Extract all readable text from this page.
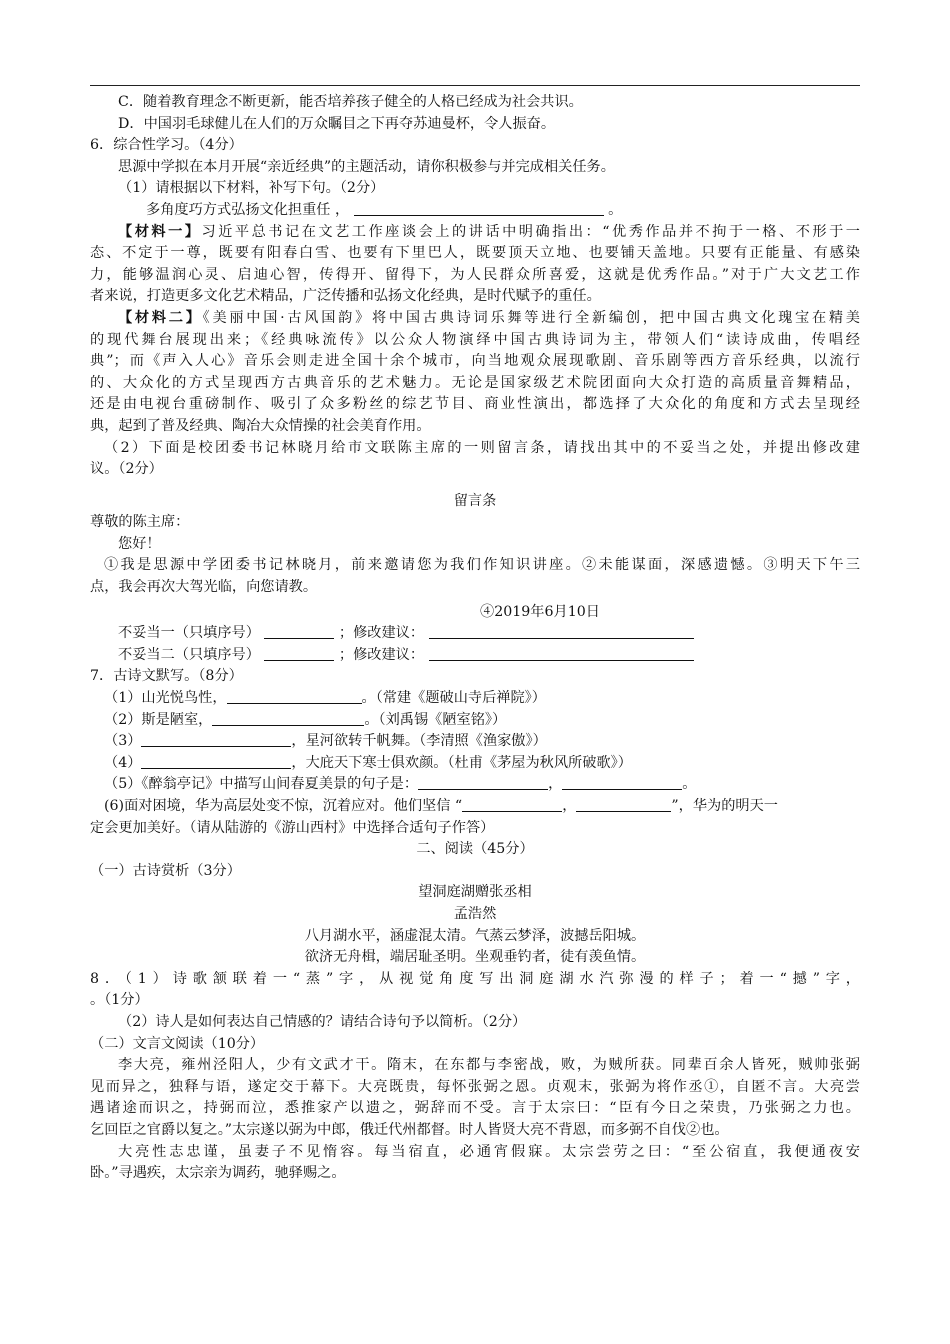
C．随着教育理念不断更新，能否培养孩子健全的人格已经成为社会共识。
D．中国羽毛球健儿在人们的万众瞩目之下再夺苏迪曼杯，令人振奋。
6．综合性学习。（4分）
思源中学拟在本月开展“亲近经典”的主题活动，请你积极参与并完成相关任务。
（1）请根据以下材料，补写下句。（2分）
多角度巧方式弘扬文化担重任 ，	。
【材料一】习近平总书记在文艺工作座谈会上的讲话中明确指出：“优秀作品并不拘于一格、不形于一
态、不定于一尊，既要有阳春白雪、也要有下里巴人，既要顶天立地、也要铺天盖地。只要有正能量、有感染
力，能够温润心灵、启迪心智，传得开、留得下，为人民群众所喜爱，这就是优秀作品。”对于广大文艺工作
者来说，打造更多文化艺术精品，广泛传播和弘扬文化经典，是时代赋予的重任。
【材料二】《美丽中国·古风国韵》将中国古典诗词乐舞等进行全新编创，把中国古典文化瑰宝在精美
的现代舞台展现出来；《经典咏流传》以公众人物演绎中国古典诗词为主，带领人们“读诗成曲，传唱经
典”；而《声入人心》音乐会则走进全国十余个城市，向当地观众展现歌剧、音乐剧等西方音乐经典，以流行
的、大众化的方式呈现西方古典音乐的艺术魅力。无论是国家级艺术院团面向大众打造的高质量音舞精品，
还是由电视台重磅制作、吸引了众多粉丝的综艺节目、商业性演出，都选择了大众化的角度和方式去呈现经
典，起到了普及经典、陶冶大众情操的社会美育作用。
（2）下面是校团委书记林晓月给市文联陈主席的一则留言条，请找出其中的不妥当之处，并提出修改建
议。（2分）
留言条
尊敬的陈主席：
您好！
①我是思源中学团委书记林晓月，前来邀请您为我们作知识讲座。②未能谋面，深感遗憾。③明天下午三
点，我会再次大驾光临，向您请教。
④2019年6月10日
不妥当一（只填序号）	；修改建议：
不妥当二（只填序号）	；修改建议：
7．古诗文默写。（8分）
（1）山光悦鸟性，	。（常建《题破山寺后禅院》）
（2）斯是陋室，	。（刘禹锡《陋室铭》）
（3）	，星河欲转千帆舞。（李清照《渔家傲》）
（4）	，大庇天下寒士俱欢颜。（杜甫《茅屋为秋风所破歌》）
（5）《醉翁亭记》中描写山间春夏美景的句子是：	，	。
(6)面对困境，华为高层处变不惊，沉着应对。他们坚信 “	，	”，华为的明天一
定会更加美好。（请从陆游的《游山西村》中选择合适句子作答）
二、阅读（45分）
（一）古诗赏析（3分）
望洞庭湖赠张丞相
孟浩然
八月湖水平，涵虚混太清。气蒸云梦泽，波撼岳阳城。
欲济无舟楫，端居耻圣明。坐观垂钓者，徒有羡鱼情。
8．（1）诗歌颔联着一“蒸”字，从视觉角度写出洞庭湖水汽弥漫的样子；着一“撼”字，
。（1分）
（2）诗人是如何表达自己情感的？请结合诗句予以简析。（2分）
（二）文言文阅读（10分）
李大亮，雍州泾阳人，少有文武才干。隋末，在东都与李密战，败，为贼所获。同辈百余人皆死，贼帅张弼
见而异之，独释与语，遂定交于幕下。大亮既贵，每怀张弼之恩。贞观末，张弼为将作丞①，自匿不言。大亮尝
遇诸途而识之，持弼而泣，悉推家产以遗之，弼辞而不受。言于太宗曰：“臣有今日之荣贵，乃张弼之力也。
乞回臣之官爵以复之。”太宗遂以弼为中郎，俄迁代州都督。时人皆贤大亮不背恩，而多弼不自伐②也。
大亮性志忠谨，虽妻子不见惰容。每当宿直，必通宵假寐。太宗尝劳之曰：“至公宿直，我便通夜安
卧。”寻遇疾，太宗亲为调药，驰驿赐之。
